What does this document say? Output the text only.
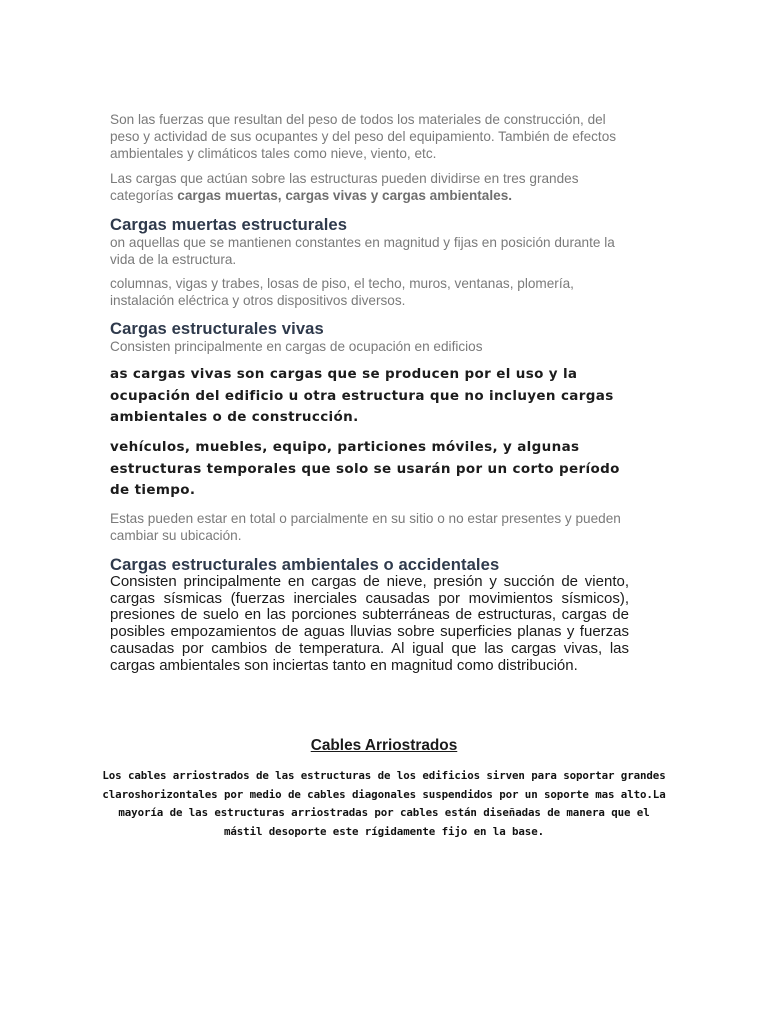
Son las fuerzas que resultan del peso de todos los materiales de construcción, del peso y actividad de sus ocupantes y del peso del equipamiento. También de efectos ambientales y climáticos tales como nieve, viento, etc.

Las cargas que actúan sobre las estructuras pueden dividirse en tres grandes categorías cargas muertas, cargas vivas y cargas ambientales.

Cargas muertas estructurales

on aquellas que se mantienen constantes en magnitud y fijas en posición durante la vida de la estructura.

columnas, vigas y trabes, losas de piso, el techo, muros, ventanas, plomería, instalación eléctrica y otros dispositivos diversos.

Cargas estructurales vivas

Consisten principalmente en cargas de ocupación en edificios

as cargas vivas son cargas que se producen por el uso y la ocupación del edificio u otra estructura que no incluyen cargas ambientales o de construcción.

vehículos, muebles, equipo, particiones móviles, y algunas estructuras temporales que solo se usarán por un corto período de tiempo.

Estas pueden estar en total o parcialmente en su sitio o no estar presentes y pueden cambiar su ubicación.

Cargas estructurales ambientales o accidentales

Consisten principalmente en cargas de nieve, presión y succión de viento, cargas sísmicas (fuerzas inerciales causadas por movimientos sísmicos), presiones de suelo en las porciones subterráneas de estructuras, cargas de posibles empozamientos de aguas lluvias sobre superficies planas y fuerzas causadas por cambios de temperatura. Al igual que las cargas vivas, las cargas ambientales son inciertas tanto en magnitud como distribución.

Cables Arriostrados

Los cables arriostrados de las estructuras de los edificios sirven para soportar grandes claroshorizontales por medio de cables diagonales suspendidos por un soporte mas alto.La mayoría de las estructuras arriostradas por cables están diseñadas de manera que el mástil desoporte este rígidamente fijo en la base.
